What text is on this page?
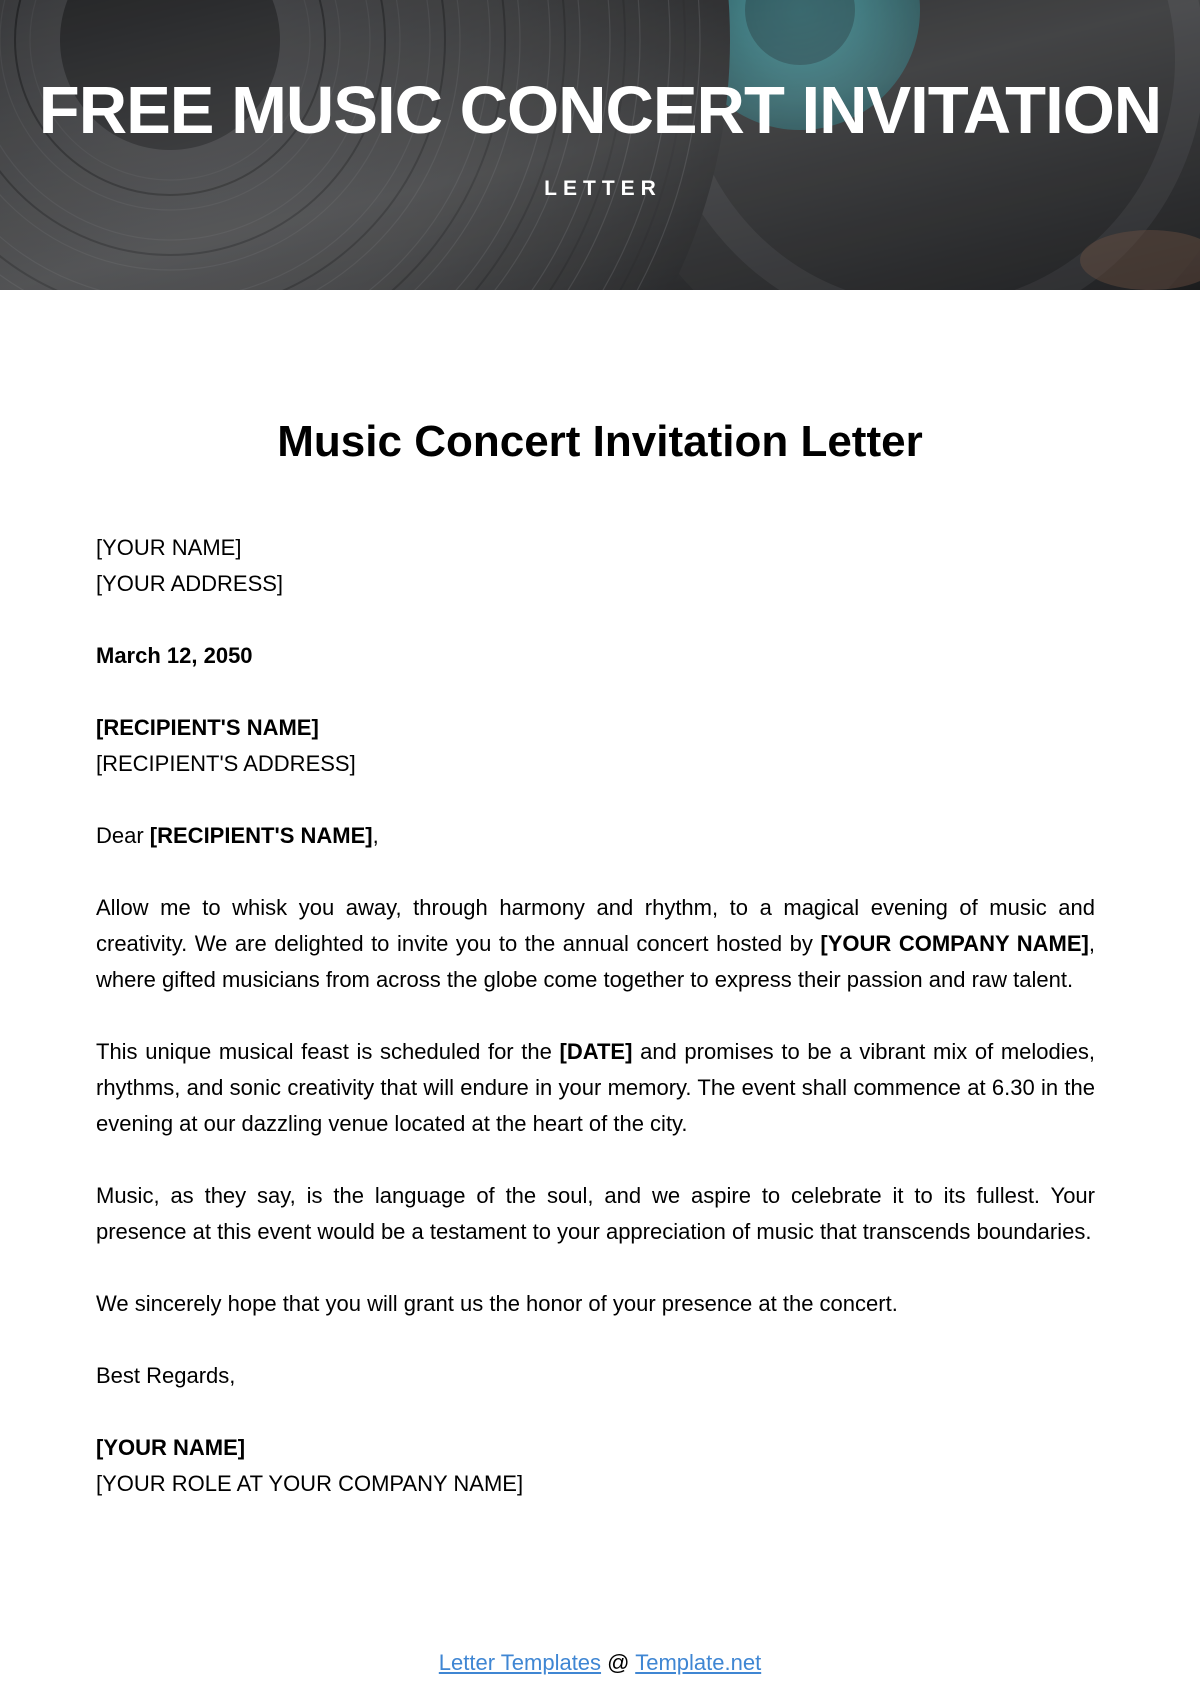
FREE MUSIC CONCERT INVITATION
LETTER
Music Concert Invitation Letter

[YOUR NAME]
[YOUR ADDRESS]

March 12, 2050

[RECIPIENT'S NAME]
[RECIPIENT'S ADDRESS]

Dear [RECIPIENT'S NAME],

Allow me to whisk you away, through harmony and rhythm, to a magical evening of music and creativity. We are delighted to invite you to the annual concert hosted by [YOUR COMPANY NAME], where gifted musicians from across the globe come together to express their passion and raw talent.

This unique musical feast is scheduled for the [DATE] and promises to be a vibrant mix of melodies, rhythms, and sonic creativity that will endure in your memory. The event shall commence at 6.30 in the evening at our dazzling venue located at the heart of the city.

Music, as they say, is the language of the soul, and we aspire to celebrate it to its fullest. Your presence at this event would be a testament to your appreciation of music that transcends boundaries.

We sincerely hope that you will grant us the honor of your presence at the concert.

Best Regards,

[YOUR NAME]
[YOUR ROLE AT YOUR COMPANY NAME]

Letter Templates @ Template.net
